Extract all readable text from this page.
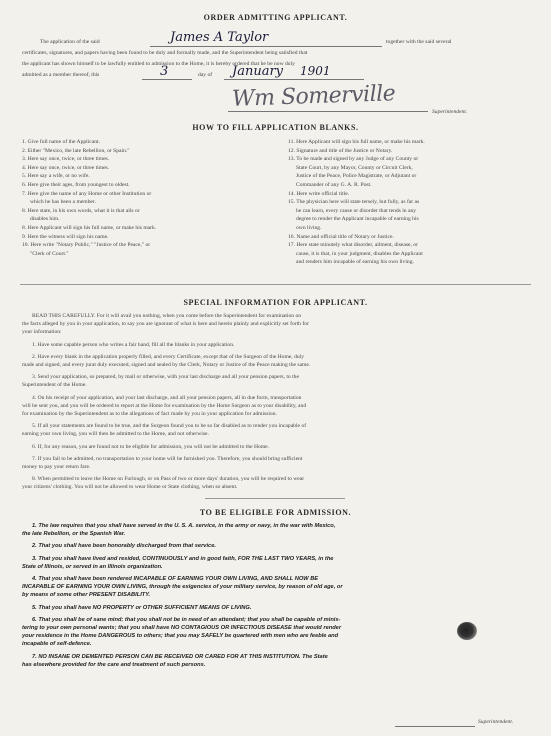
ORDER ADMITTING APPLICANT.
The application of the said	James A Taylor	together with the said several
certificates, signatures, and papers having been found to be duly and formally made, and the Superintendent being satisfied that
the applicant has shown himself to be lawfully entitled to admission to the Home, it is hereby ordered that he be now duly
admitted as a member thereof, this	3	day of January 1901
Wm Somerville
Superintendent.
HOW TO FILL APPLICATION BLANKS.
1. Give full name of the Applicant.
2. Either "Mexico, the late Rebellion, or Spain."
3. Here say once, twice, or three times.
4. Here say once, twice, or three times.
5. Here say a wife, or no wife.
6. Here give their ages, from youngest to oldest.
7. Here give the name of any Home or other Institution or
which he has been a member.
8. Here state, in his own words, what it is that ails or
disables him.
8. Here Applicant will sign his full name, or make his mark.
9. Here the witness will sign his name.
10. Here write "Notary Public," "Justice of the Peace," or
"Clerk of Court."
11. Here Applicant will sign his full name, or make his mark.
12. Signature and title of the Justice or Notary.
13. To be made and signed by any Judge of any County or
State Court, by any Mayor, County or Circuit Clerk,
Justice of the Peace, Police Magistrate, or Adjutant or
Commander of any G. A. R. Post.
14. Here write official title.
15. The physician here will state tersely, but fully, as far as
he can learn, every cause or disorder that tends in any
degree to render the Applicant incapable of earning his
own living.
16. Name and official title of Notary or Justice.
17. Here state minutely what disorder, ailment, disease, or
cause, it is that, in your judgment, disables the Applicant
and renders him incapable of earning his own living.
SPECIAL INFORMATION FOR APPLICANT.
READ THIS CAREFULLY. For it will avail you nothing, when you come before the Superintendent for examination on
the facts alleged by you in your application, to say you are ignorant of what is here and herein plainly and explicitly set forth for
your information:
1. Have some capable person who writes a fair hand, fill all the blanks in your application.
2. Have every blank in the application properly filled, and every Certificate, except that of the Surgeon of the Home, duly
made and signed, and every jurat duly executed, signed and sealed by the Clerk, Notary or Justice of the Peace making the same.
3. Send your application, so prepared, by mail or otherwise, with your last discharge and all your pension papers, to the
Superintendent of the Home.
4. On his receipt of your application, and your last discharge, and all your pension papers, all in due form, transportation
will be sent you, and you will be ordered to report at the Home for examination by the Home Surgeon as to your disability, and
for examination by the Superintendent as to the allegations of fact made by you in your application for admission.
5. If all your statements are found to be true, and the Surgeon found you to be so far disabled as to render you incapable of
earning your own living, you will then be admitted to the Home, and not otherwise.
6. If, for any reason, you are found not to be eligible for admission, you will not be admitted to the Home.
7. If you fail to be admitted, no transportation to your home will be furnished you. Therefore, you should bring sufficient
money to pay your return fare.
8. When permitted to leave the Home on Furlough, or on Pass of two or more days' duration, you will be required to wear
your citizens' clothing. You will not be allowed to wear Home or State clothing, when so absent.
TO BE ELIGIBLE FOR ADMISSION.
1. The law requires that you shall have served in the U. S. A. service, in the army or navy, in the war with Mexico,
the late Rebellion, or the Spanish War.
2. That you shall have been honorably discharged from that service.
3. That you shall have lived and resided, CONTINUOUSLY and in good faith, FOR THE LAST TWO YEARS, in the
State of Illinois, or served in an Illinois organization.
4. That you shall have been rendered INCAPABLE OF EARNING YOUR OWN LIVING, AND SHALL NOW BE
INCAPABLE OF EARNING YOUR OWN LIVING, through the exigencies of your military service, by reason of old age, or
by means of some other PRESENT DISABILITY.
5. That you shall have NO PROPERTY or OTHER SUFFICIENT MEANS OF LIVING.
6. That you shall be of sane mind; that you shall not be in need of an attendant; that you shall be capable of minis-
tering to your own personal wants; that you shall have NO CONTAGIOUS OR INFECTIOUS DISEASE that would render
your residence in the Home DANGEROUS to others; that you may SAFELY be quartered with men who are feeble and
incapable of self-defence.
7. NO INSANE OR DEMENTED PERSON CAN BE RECEIVED OR CARED FOR AT THIS INSTITUTION. The State
has elsewhere provided for the care and treatment of such persons.
Superintendent.
